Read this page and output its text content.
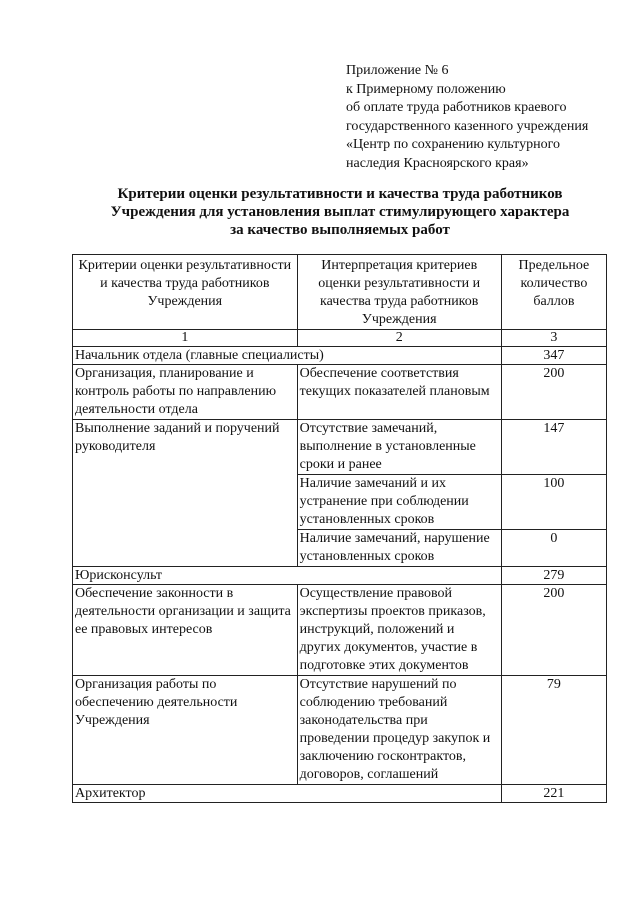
Приложение № 6
к Примерному положению
об оплате труда работников краевого
государственного казенного учреждения
«Центр по сохранению культурного
наследия Красноярского края»
Критерии оценки результативности и качества труда работников
Учреждения для установления выплат стимулирующего характера
за качество выполняемых работ
Критерии оценки результативности и качества труда работников Учреждения	Интерпретация критериев оценки результативности и качества труда работников Учреждения	Предельное количество баллов
1	2	3
Начальник отдела (главные специалисты)		347
Организация, планирование и контроль работы по направлению деятельности отдела	Обеспечение соответствия текущих показателей плановым	200
Выполнение заданий и поручений руководителя	Отсутствие замечаний, выполнение в установленные сроки и ранее	147
	Наличие замечаний и их устранение при соблюдении установленных сроков	100
	Наличие замечаний, нарушение установленных сроков	0
Юрисконсульт		279
Обеспечение законности в деятельности организации и защита ее правовых интересов	Осуществление правовой экспертизы проектов приказов, инструкций, положений и других документов, участие в подготовке этих документов	200
Организация работы по обеспечению деятельности Учреждения	Отсутствие нарушений по соблюдению требований законодательства при проведении процедур закупок и заключению госконтрактов, договоров, соглашений	79
Архитектор		221
